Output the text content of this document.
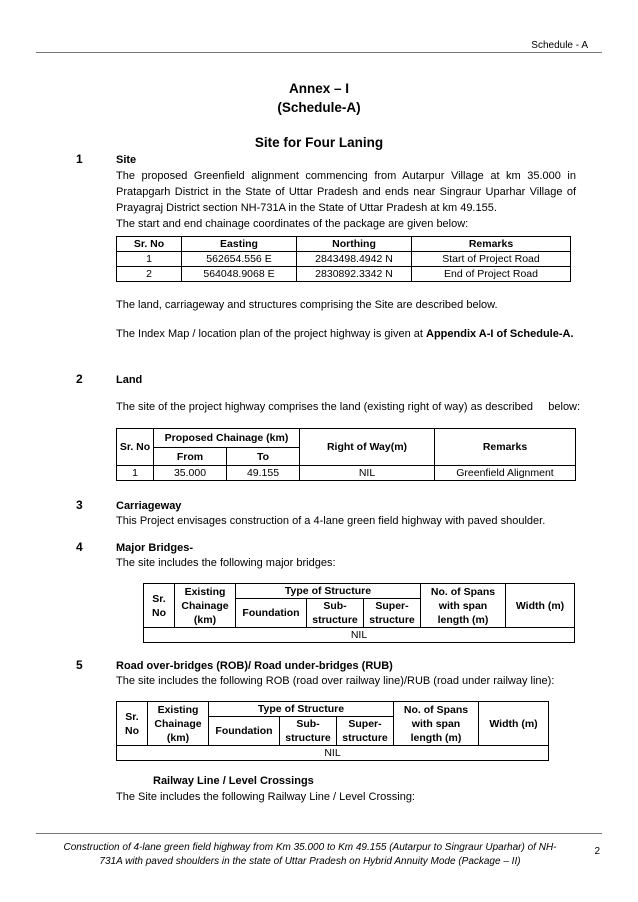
Schedule - A
Annex – I
(Schedule-A)
Site for Four Laning
1	Site
The proposed Greenfield alignment commencing from Autarpur Village at km 35.000 in Pratapgarh District in the State of Uttar Pradesh and ends near Singraur Uparhar Village of Prayagraj District section NH-731A in the State of Uttar Pradesh at km 49.155.
The start and end chainage coordinates of the package are given below:
Sr. No	Easting	Northing	Remarks
1	562654.556 E	2843498.4942 N	Start of Project Road
2	564048.9068 E	2830892.3342 N	End of Project Road
The land, carriageway and structures comprising the Site are described below.
The Index Map / location plan of the project highway is given at Appendix A-I of Schedule-A.
2	Land
The site of the project highway comprises the land (existing right of way) as described     below:
Sr. No	Proposed Chainage (km)		Right of Way(m)	Remarks
	From	To		
1	35.000	49.155	NIL	Greenfield Alignment
3	Carriageway
This Project envisages construction of a 4-lane green field highway with paved shoulder.
4	Major Bridges-
The site includes the following major bridges:
Sr. No	Existing Chainage (km)	Type of Structure			No. of Spans with span length (m)	Width (m)
		Foundation	Sub-structure	Super-structure		
NIL						
5	Road over-bridges (ROB)/ Road under-bridges (RUB)
The site includes the following ROB (road over railway line)/RUB (road under railway line):
Sr. No	Existing Chainage (km)	Type of Structure			No. of Spans with span length (m)	Width (m)
		Foundation	Sub-structure	Super-structure		
NIL						
Railway Line / Level Crossings
The Site includes the following Railway Line / Level Crossing:
Construction of 4-lane green field highway from Km 35.000 to Km 49.155 (Autarpur to Singraur Uparhar) of NH-731A with paved shoulders in the state of Uttar Pradesh on Hybrid Annuity Mode (Package – II)
2
